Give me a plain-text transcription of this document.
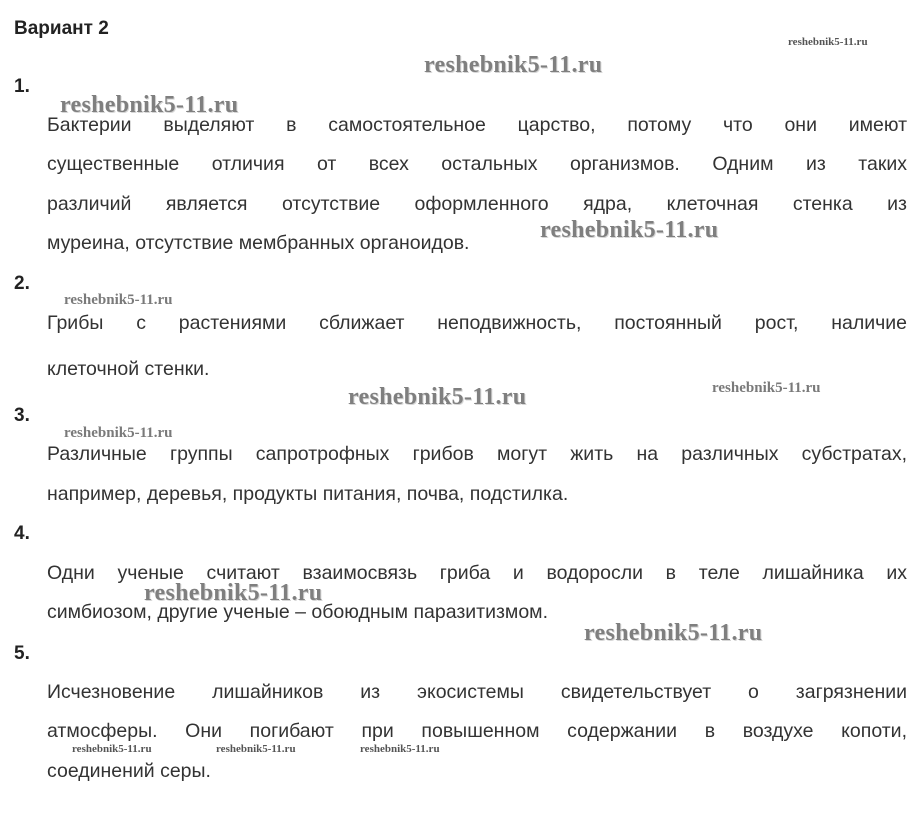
Вариант 2
1.

Бактерии выделяют в самостоятельное царство, потому что они имеют

существенные отличия от всех остальных организмов. Одним из таких

различий является отсутствие оформленного ядра, клеточная стенка из

муреина, отсутствие мембранных органоидов.

2.

Грибы с растениями сближает неподвижность, постоянный рост, наличие

клеточной стенки.

3.

Различные группы сапротрофных грибов могут жить на различных субстратах,

например, деревья, продукты питания, почва, подстилка.

4.

Одни ученые считают взаимосвязь гриба и водоросли в теле лишайника их

симбиозом, другие ученые – обоюдным паразитизмом.

5.

Исчезновение лишайников из экосистемы свидетельствует о загрязнении

атмосферы. Они погибают при повышенном содержании в воздухе копоти,

соединений серы.

reshebnik5-11.ru
reshebnik5-11.ru
reshebnik5-11.ru
reshebnik5-11.ru
reshebnik5-11.ru
reshebnik5-11.ru	reshebnik5-11.ru
reshebnik5-11.ru
reshebnik5-11.ru
reshebnik5-11.ru
reshebnik5-11.ru	reshebnik5-11.ru	reshebnik5-11.ru
